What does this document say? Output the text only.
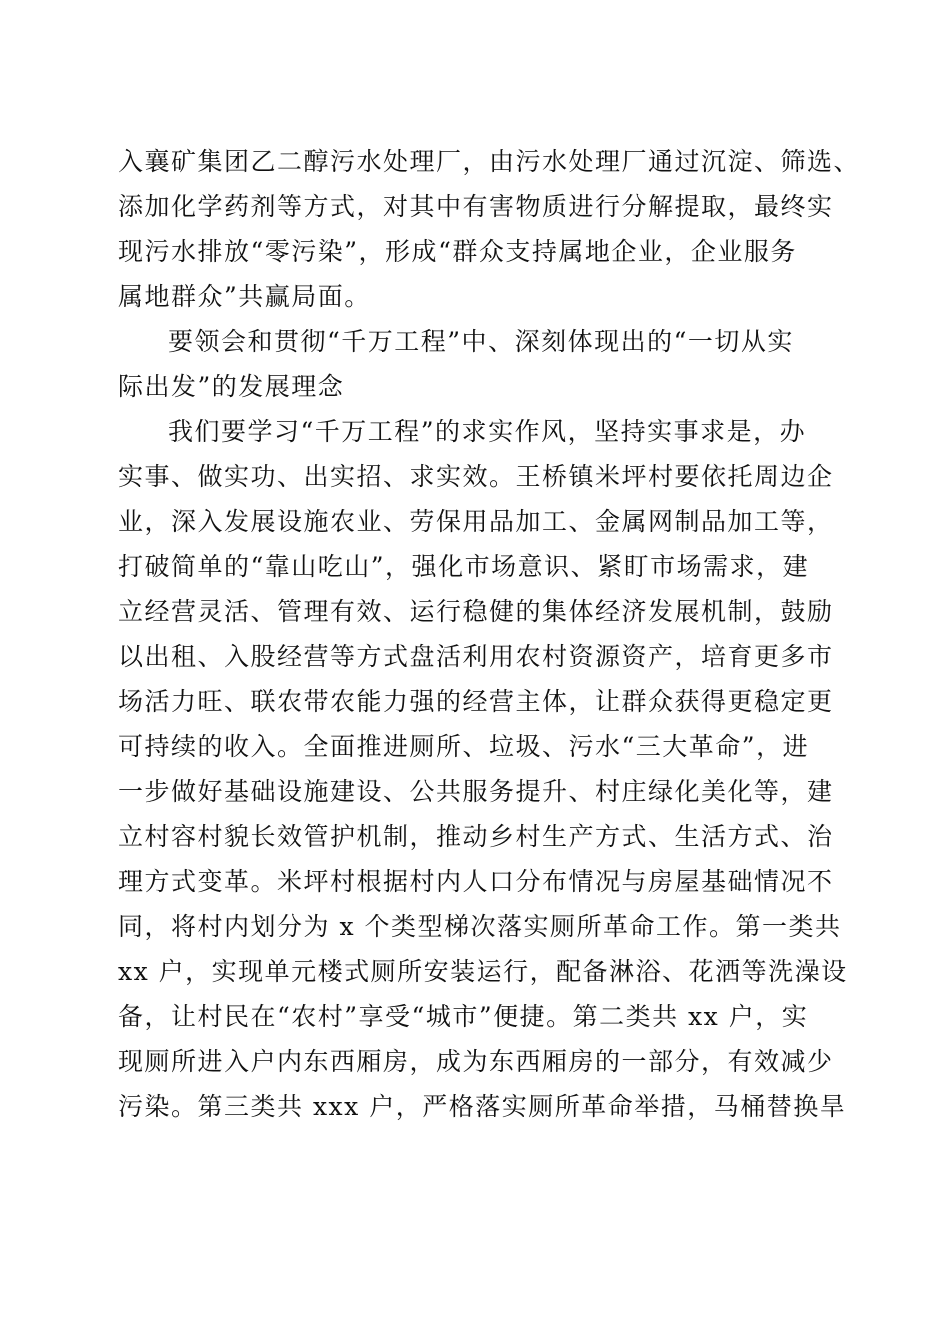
入襄矿集团乙二醇污水处理厂，由污水处理厂通过沉淀、筛选、
添加化学药剂等方式，对其中有害物质进行分解提取，最终实
现污水排放“零污染”，形成“群众支持属地企业，企业服务
属地群众”共赢局面。
要领会和贯彻“千万工程”中、深刻体现出的“一切从实
际出发”的发展理念
我们要学习“千万工程”的求实作风，坚持实事求是，办
实事、做实功、出实招、求实效。王桥镇米坪村要依托周边企
业，深入发展设施农业、劳保用品加工、金属网制品加工等，
打破简单的“靠山吃山”，强化市场意识、紧盯市场需求，建
立经营灵活、管理有效、运行稳健的集体经济发展机制，鼓励
以出租、入股经营等方式盘活利用农村资源资产，培育更多市
场活力旺、联农带农能力强的经营主体，让群众获得更稳定更
可持续的收入。全面推进厕所、垃圾、污水“三大革命”，进
一步做好基础设施建设、公共服务提升、村庄绿化美化等，建
立村容村貌长效管护机制，推动乡村生产方式、生活方式、治
理方式变革。米坪村根据村内人口分布情况与房屋基础情况不
同，将村内划分为 x 个类型梯次落实厕所革命工作。第一类共
xx 户，实现单元楼式厕所安装运行，配备淋浴、花洒等洗澡设
备，让村民在“农村”享受“城市”便捷。第二类共 xx 户，实
现厕所进入户内东西厢房，成为东西厢房的一部分，有效减少
污染。第三类共 xxx 户，严格落实厕所革命举措，马桶替换旱
